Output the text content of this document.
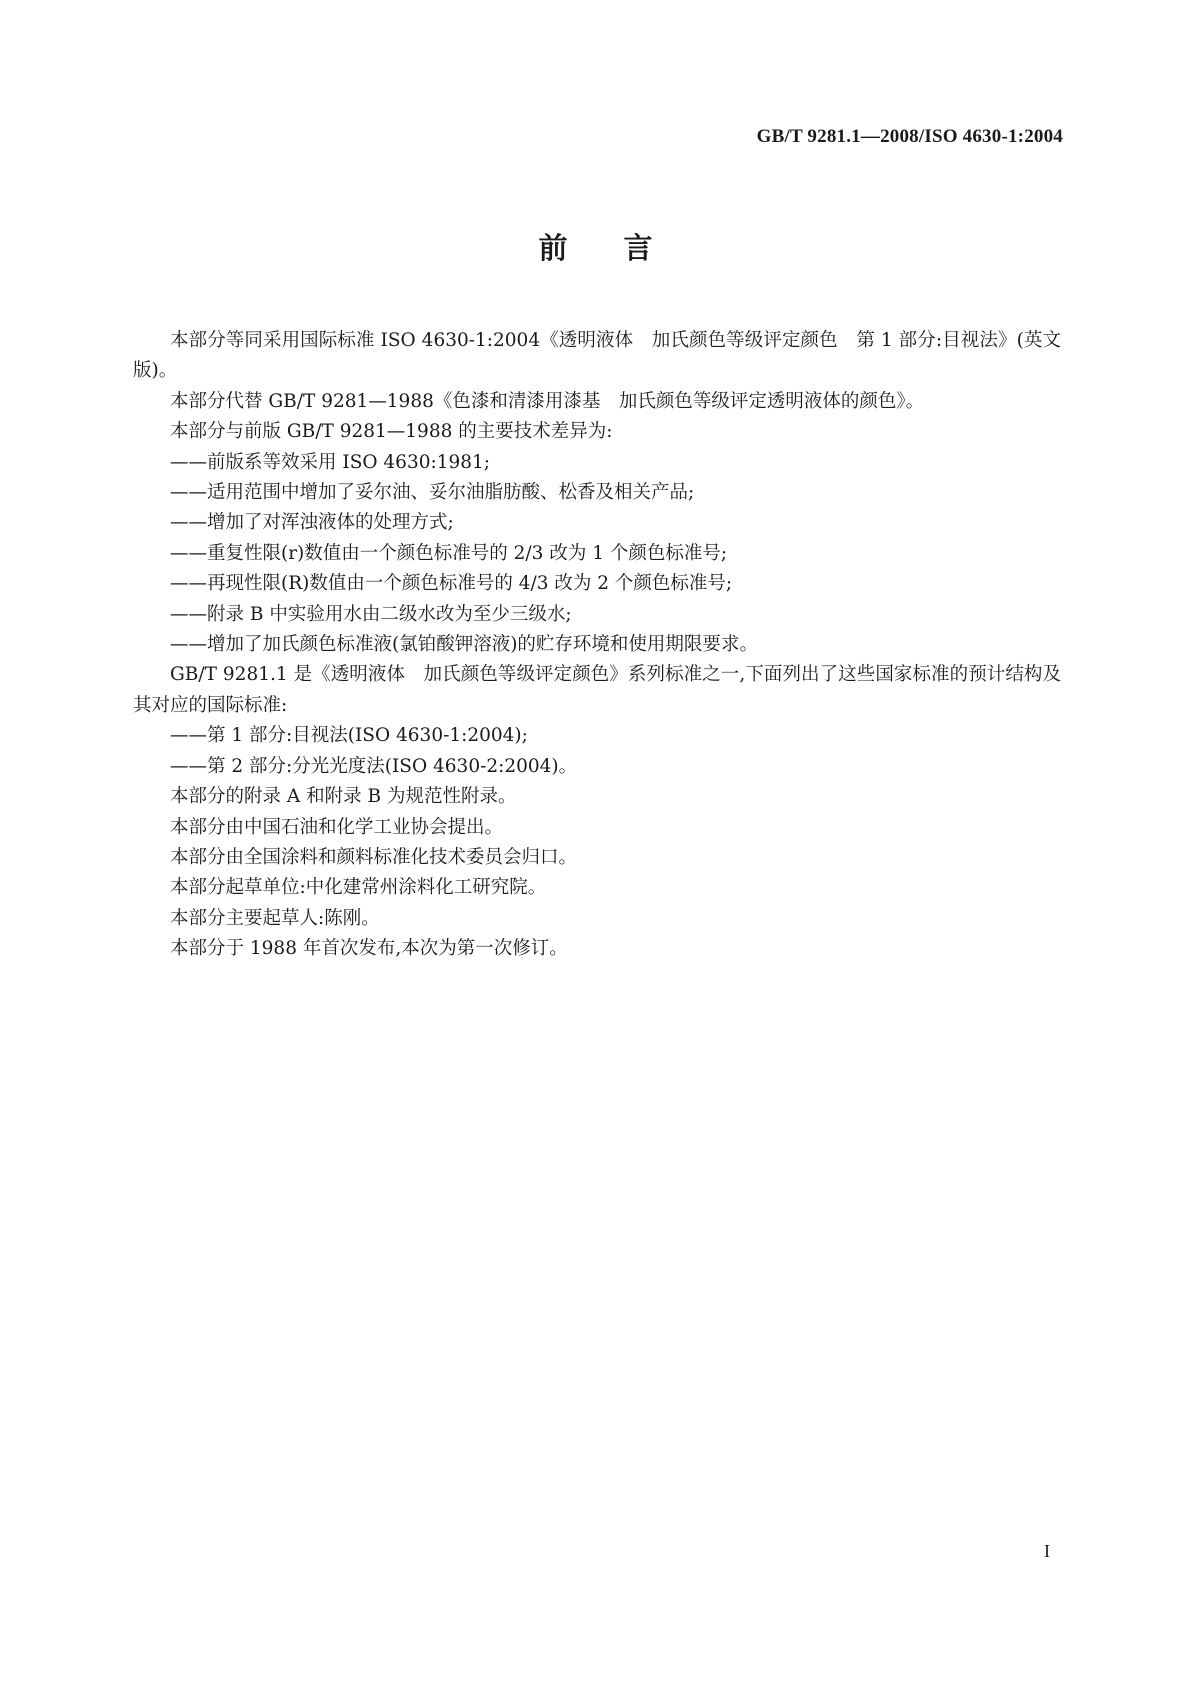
GB/T 9281.1—2008/ISO 4630-1:2004
前言

本部分等同采用国际标准 ISO 4630-1:2004《透明液体　加氏颜色等级评定颜色　第 1 部分:目视法》(英文版)。

本部分代替 GB/T 9281—1988《色漆和清漆用漆基　加氏颜色等级评定透明液体的颜色》。

本部分与前版 GB/T 9281—1988 的主要技术差异为:

——前版系等效采用 ISO 4630:1981;

——适用范围中增加了妥尔油、妥尔油脂肪酸、松香及相关产品;

——增加了对浑浊液体的处理方式;

——重复性限(r)数值由一个颜色标准号的 2/3 改为 1 个颜色标准号;

——再现性限(R)数值由一个颜色标准号的 4/3 改为 2 个颜色标准号;

——附录 B 中实验用水由二级水改为至少三级水;

——增加了加氏颜色标准液(氯铂酸钾溶液)的贮存环境和使用期限要求。

GB/T 9281.1 是《透明液体　加氏颜色等级评定颜色》系列标准之一,下面列出了这些国家标准的预计结构及其对应的国际标准:

——第 1 部分:目视法(ISO 4630-1:2004);

——第 2 部分:分光光度法(ISO 4630-2:2004)。

本部分的附录 A 和附录 B 为规范性附录。

本部分由中国石油和化学工业协会提出。

本部分由全国涂料和颜料标准化技术委员会归口。

本部分起草单位:中化建常州涂料化工研究院。

本部分主要起草人:陈刚。

本部分于 1988 年首次发布,本次为第一次修订。

I
